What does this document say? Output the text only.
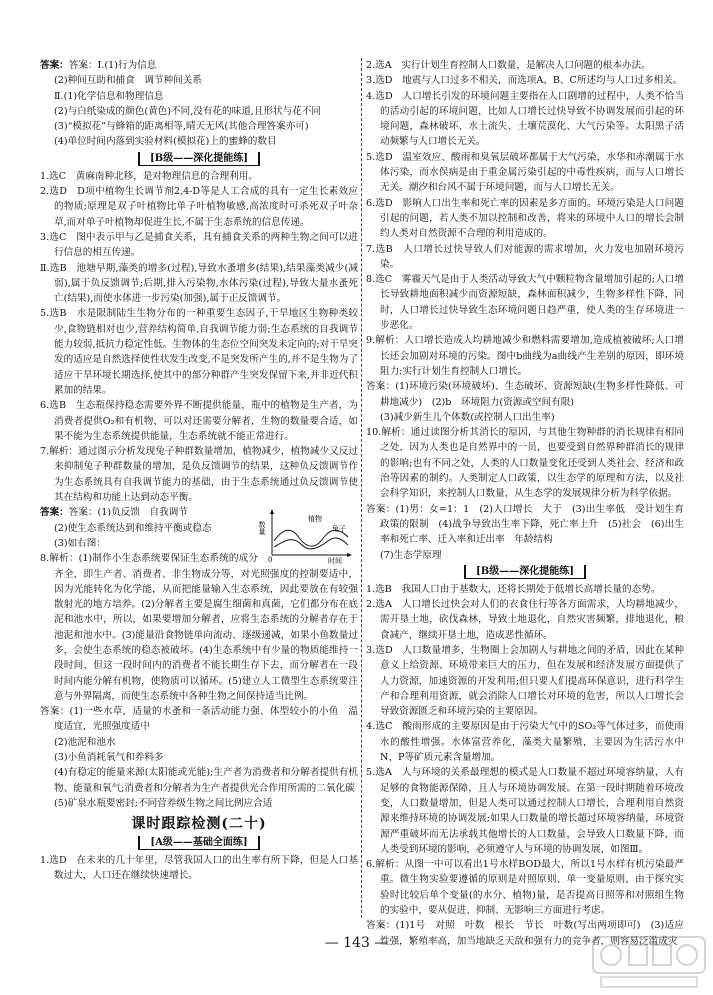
答案：答案：Ⅰ.(1)行为信息

(2)种间互助和捕食　调节种间关系

Ⅱ.(1)化学信息和物理信息

(2)与白纸染成的颜色(黄色)不同,没有花的味道,且形状与花不同

(3)“模拟花”与蜂箱的距离相等,晴天无风(其他合理答案亦可)

(4)单位时间内落到实验材料(模拟花)上的蜜蜂的数目

[B级——深化提能练]

1.选C　黄麻南种北移，是对物理信息的合理利用。

2.选D　D项中植物生长调节剂2,4-D等是人工合成的具有一定生长素效应的物质;原理是双子叶植物比单子叶植物敏感,高浓度时可杀死双子叶杂草,而对单子叶植物却促进生长,不属于生态系统的信息传递。

3.选C　图中表示甲与乙是捕食关系，具有捕食关系的两种生物之间可以进行信息的相互传递。

Ⅱ.选B　池塘早期,藻类的增多(过程),导致水蚤增多(结果),结果藻类减少(减弱),属于负反馈调节;后期,排入污染物,水体污染(过程),导致大量水蚤死亡(结果),而使水体进一步污染(加强),属于正反馈调节。

5.选B　水是限制陆生生物分布的一种重要生态因子,干旱地区生物种类较少,食物链相对也少,营养结构简单,自我调节能力弱;生态系统的自我调节能力较弱,抵抗力稳定性低。生物体的生态位空间突发未定向的;对干旱突发的适应是自然选择使性状发生改变,不是突发所产生的,并不是生物为了适应干旱环境长期选择,使其中的部分种群产生突发保留下来,并非近代积累加的结果。

6.选B　生态瓶保持稳态需要外界不断提供能量，瓶中的植物是生产者，为消费者提供O₂和有机物，可以对还需要分解者，生物的数量要合适，如果不能为生态系统提供能量，生态系统就不能正常进行。

7.解析：通过图示分析发现兔子种群数量增加，植物减少，植物减少又反过来抑制兔子种群数量的增加，是负反馈调节的结果，这种负反馈调节作为生态系统具有自我调节能力的基础，由于生态系统通过负反馈调节使其在结构和功能上达到动态平衡。

数量
0	时间
植物
兔子

答案：答案：(1)负反馈　自我调节

(2)使生态系统达到和维持平衡或稳态

(3)如右图：

8.解析：(1)制作小生态系统要保证生态系统的成分齐全，即生产者、消费者、非生物成分等，对光照强度的控制要适中，因为光能转化为化学能，从而把能量输入生态系统，因此要放在有较强散射光的地方培养。(2)分解者主要是腐生细菌和真菌，它们都分布在底泥和池水中，所以，如果要增加分解者，应将生态系统的分解者存在于池泥和池水中。(3)能量沿食物链单向流动、逐级递减，如果小鱼数量过多，会使生态系统的稳态被破坏。(4)生态系统中有少量的物质能维持一段时间，但这一段时间内的消费者不能长期生存下去，而分解者在一段时间内能分解有机物，使物质可以循环。(5)建立人工微型生态系统要注意与外界隔离，而使生态系统中各种生物之间保持适当比例。

答案：(1)一些水草，适量的水蚤和一条活动能力强、体型较小的小鱼　温度适宜，光照强度适中

(2)池泥和池水

(3)小鱼消耗氧气和养料多

(4)有稳定的能量来源(太阳能或光能);生产者为消费者和分解者提供有机物、能量和氧气;消费者和分解者为生产者提供光合作用所需的二氧化碳

(5)矿泉水瓶要密封;不同营养级生物之间比例应合适

课时跟踪检测(二十)
[A级——基础全面练]

1.选D　在未来的几十年里，尽管我国人口的出生率有所下降，但是人口基数过大，人口还在继续快速增长。

2.选A　实行计划生育控制人口数量，是解决人口问题的根本办法。

3.选D　地震与人口过多不相关，而选项A、B、C所述均与人口过多相关。

4.选D　人口增长引发的环境问题主要指在人口剧增的过程中，人类不恰当的活动引起的环境问题，比如人口增长过快导致不协调发展而引起的环境问题，森林破坏、水土流失、土壤荒漠化、大气污染等。太阳黑子活动频繁与人口增长无关。

5.选D　温室效应、酸雨和臭氧层破坏都属于大气污染，水华和赤潮属于水体污染，而水俣病是由于重金属污染引起的中毒性疾病，而与人口增长无关。潮汐和台风不属于环境问题，而与人口增长无关。

6.选D　影响人口出生率和死亡率的因素是多方面的。环境污染是人口问题引起的问题，若人类不加以控制和改善，将来的环境中人口的增长会制约人类对自然资源不合理的利用造成的。

7.选B　人口增长过快导致人们对能源的需求增加，火力发电加剧环境污染。

8.选C　雾霾天气是由于人类活动导致大气中颗粒物含量增加引起的;人口增长导致耕地面积减少而资源短缺，森林面积减少，生物多样性下降，同时，人口增长过快导致生态环境问题日趋严重，使人类的生存环境进一步恶化。

9.解析：人口增长造成人均耕地减少和燃料需要增加,造成植被破坏;人口增长还会加剧对环境的污染。图中b曲线为a曲线产生差别的原因，即环境阻力;实行计划生育控制人口增长。

答案：(1)环境污染(环境破坏)、生态破坏、资源短缺(生物多样性降低、可耕地减少)　(2)b　环境阻力(资源或空间有限)

(3)减少新生儿个体数(或控制人口出生率)

10.解析：通过读图分析其消长的原因，与其他生物种群的消长规律有相同之处，因为人类也是自然界中的一员，也要受到自然界种群消长的规律的影响;也有不同之处，人类的人口数量变化还受到人类社会、经济和政治等因素的制约。人类制定人口政策，以生态学的原理和方法，以及社会科学知识，来控制人口数量，从生态学的发展规律分析为科学依据。

答案：(1)男：女=1：1　(2)人口增长　大于　(3)出生率低　受计划生育政策的限制　(4)战争导致出生率下降，死亡率上升　(5)社会　(6)出生率和死亡率、迁入率和迁出率　年龄结构

(7)生态学原理

[B级——深化提能练]

1.选B　我国人口由于基数大，还将长期处于低增长高增长量的态势。

2.选A　人口增长过快会对人们的衣食住行等各方面需求，人均耕地减少，需开垦土地，砍伐森林，导致土地退化，自然灾害频繁，排地退化，粮食减产，继续开垦土地，造成恶性循环。

3.选D　人口数量增多，生物圈上会加剧人与耕地之间的矛盾，因此在某种意义上给资源、环境带来巨大的压力，但在发展和经济发展方面提供了人力资源，加速资源的开发利用;但只要人们提高环保意识，进行科学生产和合理利用资源，就会消除人口增长对环境的危害，所以人口增长会导致资源匮乏和环境污染的主要原因。

4.选C　酸雨形成的主要原因是由于污染大气中的SO₂等气体过多，而使雨水的酸性增强。水体富营养化，藻类大量繁殖，主要因为生活污水中N、P等矿质元素含量增加。

5.选A　人与环境的关系最理想的模式是人口数量不超过环境容纳量，人有足够的食物能源保障，且人与环境协调发展。在第一段时期随着环境改变，人口数量增加，但是人类可以通过控制人口增长，合理利用自然资源来维持环境的协调发展;如果人口数量的增长超过环境容纳量，环境资源严重破坏而无法承载其他增长的人口数量，会导致人口数量下降，而人类受到环境的影响，必须遵守人与环境的协调发展，如图Ⅲ。

6.解析：从图一中可以看出1号水样BOD最大，所以1号水样有机污染最严重。微生物实验要遵循的原则是对照原则、单一变量原则，由于探究实验时比较后单个变量(的水分、植物)量，是否提高日照等和对照组生物的实验中，要从促进、抑制、无影响三方面进行考虑。

答案：(1)1号　对照　叶数　根长　节长　叶数(写出两项即可)　(3)适应性强，繁殖率高，加当地缺乏天敌和强有力的竞争者，则容易泛滥成灾

— 143 —
